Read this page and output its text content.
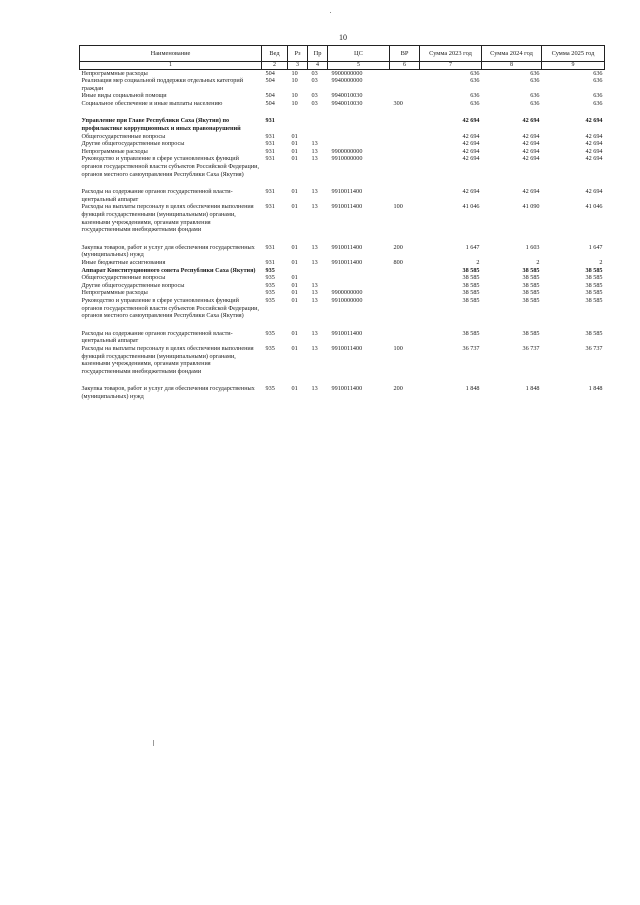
10
Наименование	Вед	Рз	Пр	ЦС	ВР	Сумма 2023 год	Сумма 2024 год	Сумма 2025 год
1	2	3	4	5	6	7	8	9
Непрограммные расходы	504	10	03	9900000000		636	636	636
Реализация мер социальной поддержки отдельных категорий граждан	504	10	03	9940000000		636	636	636
Иные виды социальной помощи	504	10	03	9940010030		636	636	636
Социальное обеспечение и иные выплаты населению	504	10	03	9940010030	300	636	636	636

Управление при Главе Республики Саха (Якутия) по профилактике коррупционных и иных правонарушений	931					42 694	42 694	42 694
Общегосударственные вопросы	931	01				42 694	42 694	42 694
Другие общегосударственные вопросы	931	01	13			42 694	42 694	42 694
Непрограммные расходы	931	01	13	9900000000		42 694	42 694	42 694
Руководство и управление в сфере установленных функций органов государственной власти субъектов Российской Федерации, органов местного самоуправления Республики Саха (Якутия)	931	01	13	9910000000		42 694	42 694	42 694

Расходы на содержание органов государственной власти- центральный аппарат	931	01	13	9910011400		42 694	42 694	42 694
Расходы на выплаты персоналу в целях обеспечения выполнения функций государственными (муниципальными) органами, казенными учреждениями, органами управления государственными внебюджетными фондами	931	01	13	9910011400	100	41 046	41 090	41 046

Закупка товаров, работ и услуг для обеспечения государственных (муниципальных) нужд	931	01	13	9910011400	200	1 647	1 603	1 647
Иные бюджетные ассигнования	931	01	13	9910011400	800	2	2	2
Аппарат Конституционного совета Республики Саха (Якутия)	935					38 585	38 585	38 585
Общегосударственные вопросы	935	01				38 585	38 585	38 585
Другие общегосударственные вопросы	935	01	13			38 585	38 585	38 585
Непрограммные расходы	935	01	13	9900000000		38 585	38 585	38 585
Руководство и управление в сфере установленных функций органов государственной власти субъектов Российской Федерации, органов местного самоуправления Республики Саха (Якутия)	935	01	13	9910000000		38 585	38 585	38 585

Расходы на содержание органов государственной власти- центральный аппарат	935	01	13	9910011400		38 585	38 585	38 585
Расходы на выплаты персоналу в целях обеспечения выполнения функций государственными (муниципальными) органами, казенными учреждениями, органами управления государственными внебюджетными фондами	935	01	13	9910011400	100	36 737	36 737	36 737

Закупка товаров, работ и услуг для обеспечения государственных (муниципальных) нужд	935	01	13	9910011400	200	1 848	1 848	1 848
